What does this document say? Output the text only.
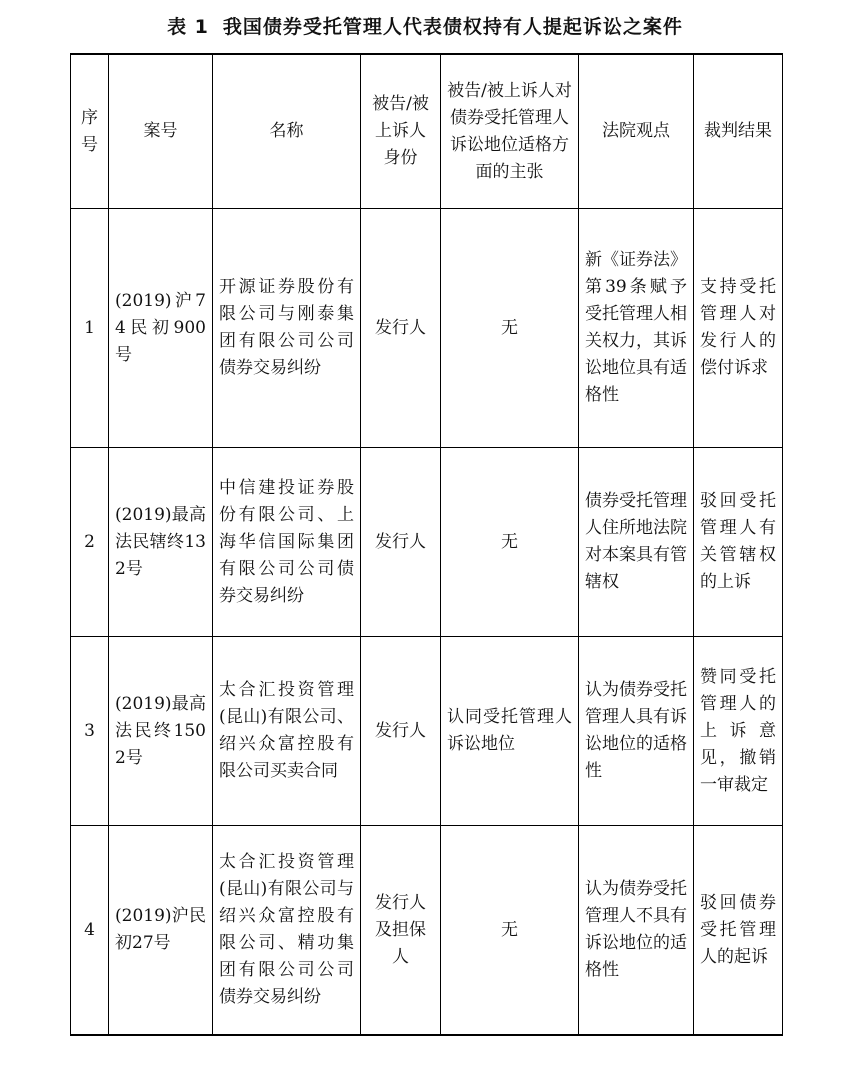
表 1 我国债券受托管理人代表债权持有人提起诉讼之案件
序号	案号	名称	被告/被上诉人身份	被告/被上诉人对债券受托管理人诉讼地位适格方面的主张	法院观点	裁判结果
1	(2019)沪74民初900号	开源证券股份有限公司与刚泰集团有限公司公司债券交易纠纷	发行人	无	新《证券法》第39条赋予受托管理人相关权力，其诉讼地位具有适格性	支持受托管理人对发行人的偿付诉求
2	(2019)最高法民辖终132号	中信建投证券股份有限公司、上海华信国际集团有限公司公司债券交易纠纷	发行人	无	债券受托管理人住所地法院对本案具有管辖权	驳回受托管理人有关管辖权的上诉
3	(2019)最高法民终1502号	太合汇投资管理(昆山)有限公司、绍兴众富控股有限公司买卖合同	发行人	认同受托管理人诉讼地位	认为债券受托管理人具有诉讼地位的适格性	赞同受托管理人的上诉意见，撤销一审裁定
4	(2019)沪民初27号	太合汇投资管理(昆山)有限公司与绍兴众富控股有限公司、精功集团有限公司公司债券交易纠纷	发行人及担保人	无	认为债券受托管理人不具有诉讼地位的适格性	驳回债券受托管理人的起诉
